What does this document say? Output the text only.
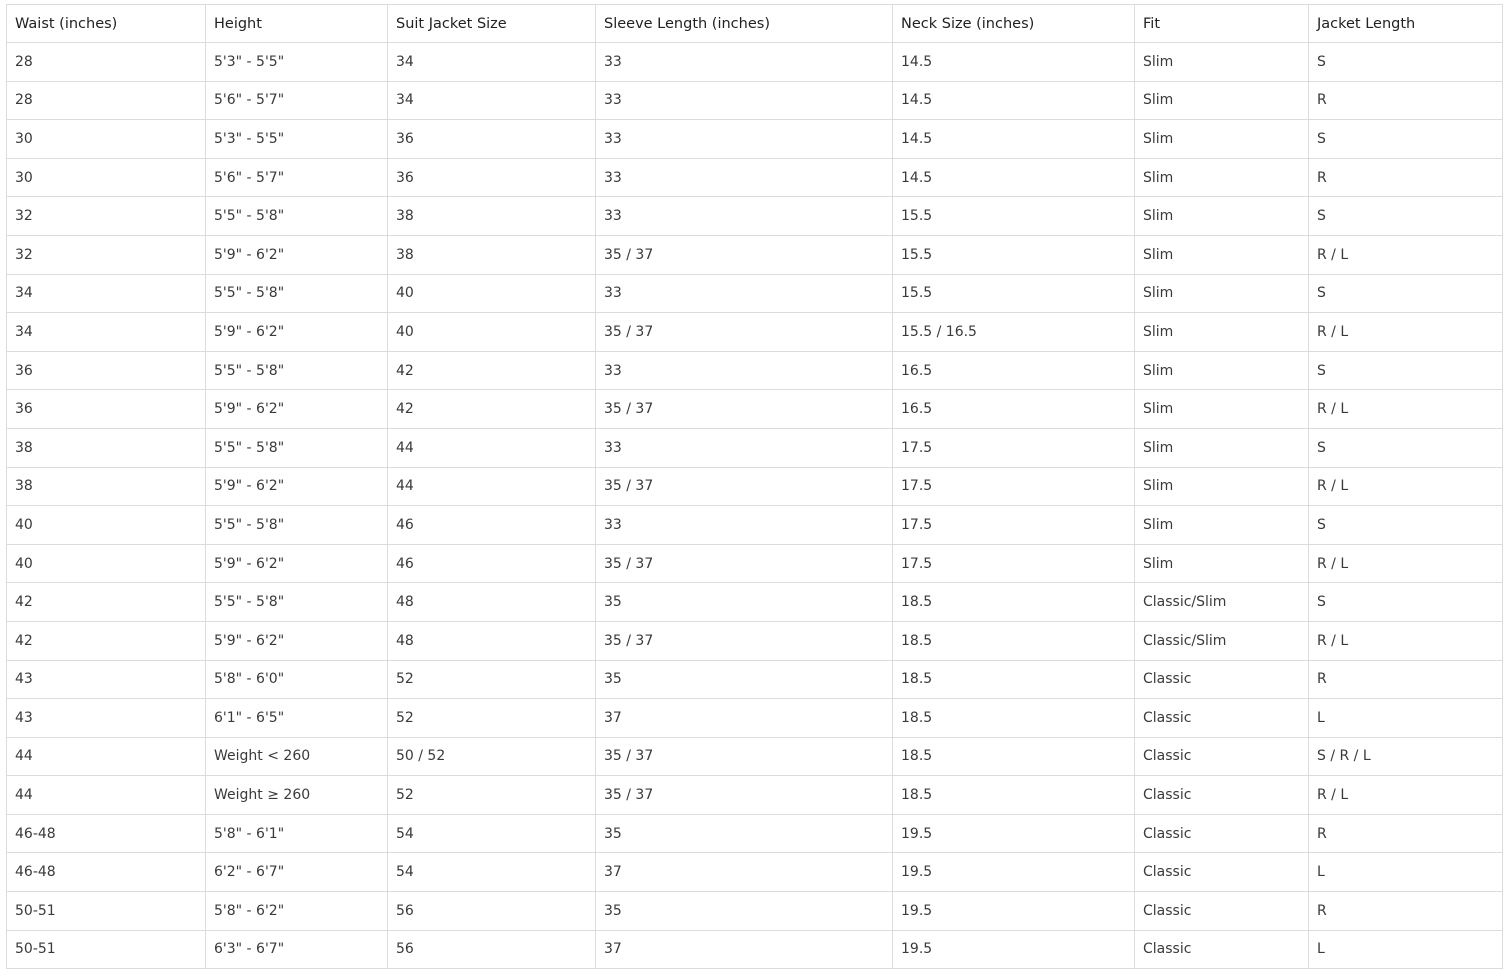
Waist (inches)	Height	Suit Jacket Size	Sleeve Length (inches)	Neck Size (inches)	Fit	Jacket Length
28	5'3" - 5'5"	34	33	14.5	Slim	S
28	5'6" - 5'7"	34	33	14.5	Slim	R
30	5'3" - 5'5"	36	33	14.5	Slim	S
30	5'6" - 5'7"	36	33	14.5	Slim	R
32	5'5" - 5'8"	38	33	15.5	Slim	S
32	5'9" - 6'2"	38	35 / 37	15.5	Slim	R / L
34	5'5" - 5'8"	40	33	15.5	Slim	S
34	5'9" - 6'2"	40	35 / 37	15.5 / 16.5	Slim	R / L
36	5'5" - 5'8"	42	33	16.5	Slim	S
36	5'9" - 6'2"	42	35 / 37	16.5	Slim	R / L
38	5'5" - 5'8"	44	33	17.5	Slim	S
38	5'9" - 6'2"	44	35 / 37	17.5	Slim	R / L
40	5'5" - 5'8"	46	33	17.5	Slim	S
40	5'9" - 6'2"	46	35 / 37	17.5	Slim	R / L
42	5'5" - 5'8"	48	35	18.5	Classic/Slim	S
42	5'9" - 6'2"	48	35 / 37	18.5	Classic/Slim	R / L
43	5'8" - 6'0"	52	35	18.5	Classic	R
43	6'1" - 6'5"	52	37	18.5	Classic	L
44	Weight < 260	50 / 52	35 / 37	18.5	Classic	S / R / L
44	Weight ≥ 260	52	35 / 37	18.5	Classic	R / L
46-48	5'8" - 6'1"	54	35	19.5	Classic	R
46-48	6'2" - 6'7"	54	37	19.5	Classic	L
50-51	5'8" - 6'2"	56	35	19.5	Classic	R
50-51	6'3" - 6'7"	56	37	19.5	Classic	L
